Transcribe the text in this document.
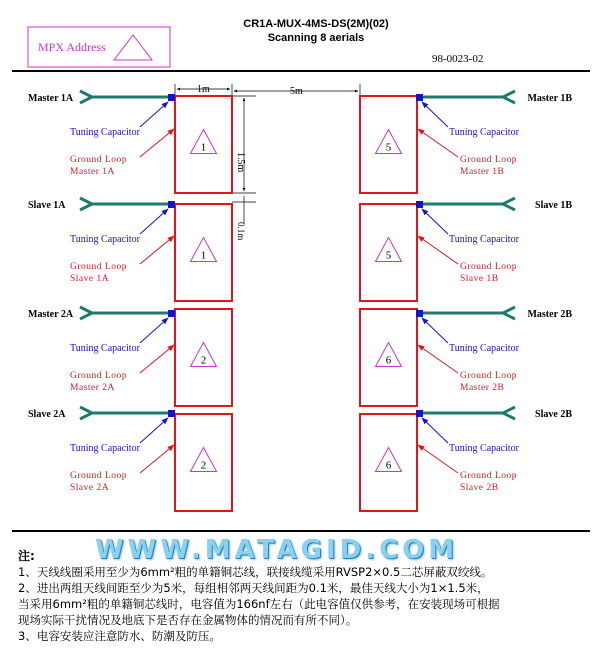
CR1A-MUX-4MS-DS(2M)(02)
Scanning 8 aerials
98-0023-02
MPX Address
1m	5m
1.5m
0.1m
Master 1A
1
Tuning Capacitor
Ground Loop
Master 1A
Slave 1A
1
Tuning Capacitor
Ground Loop
Slave 1A
Master 2A
2
Tuning Capacitor
Ground Loop
Master 2A
Slave 2A
2
Tuning Capacitor
Ground Loop
Slave 2A
Master 1B
5
Tuning Capacitor
Ground Loop
Master 1B
Slave 1B
5
Tuning Capacitor
Ground Loop
Slave 1B
Master 2B
6
Tuning Capacitor
Ground Loop
Master 2B
Slave 2B
6
Tuning Capacitor
Ground Loop
Slave 2B
WWW.MATAGID.COM
注:
1、天线线圈采用至少为6mm²粗的单籍铜芯线，联接线缆采用RVSP2×0.5二芯屏蔽双绞线。
2、进出两组天线间距至少为5米，每组相邻两天线间距为0.1米，最佳天线大小为1×1.5米，
当采用6mm²粗的单籍铜芯线时，电容值为166nf左右（此电容值仅供参考，在安装现场可根据
现场实际干扰情况及地底下是否存在金属物体的情况而有所不同）。
3、电容安装应注意防水、防潮及防压。
